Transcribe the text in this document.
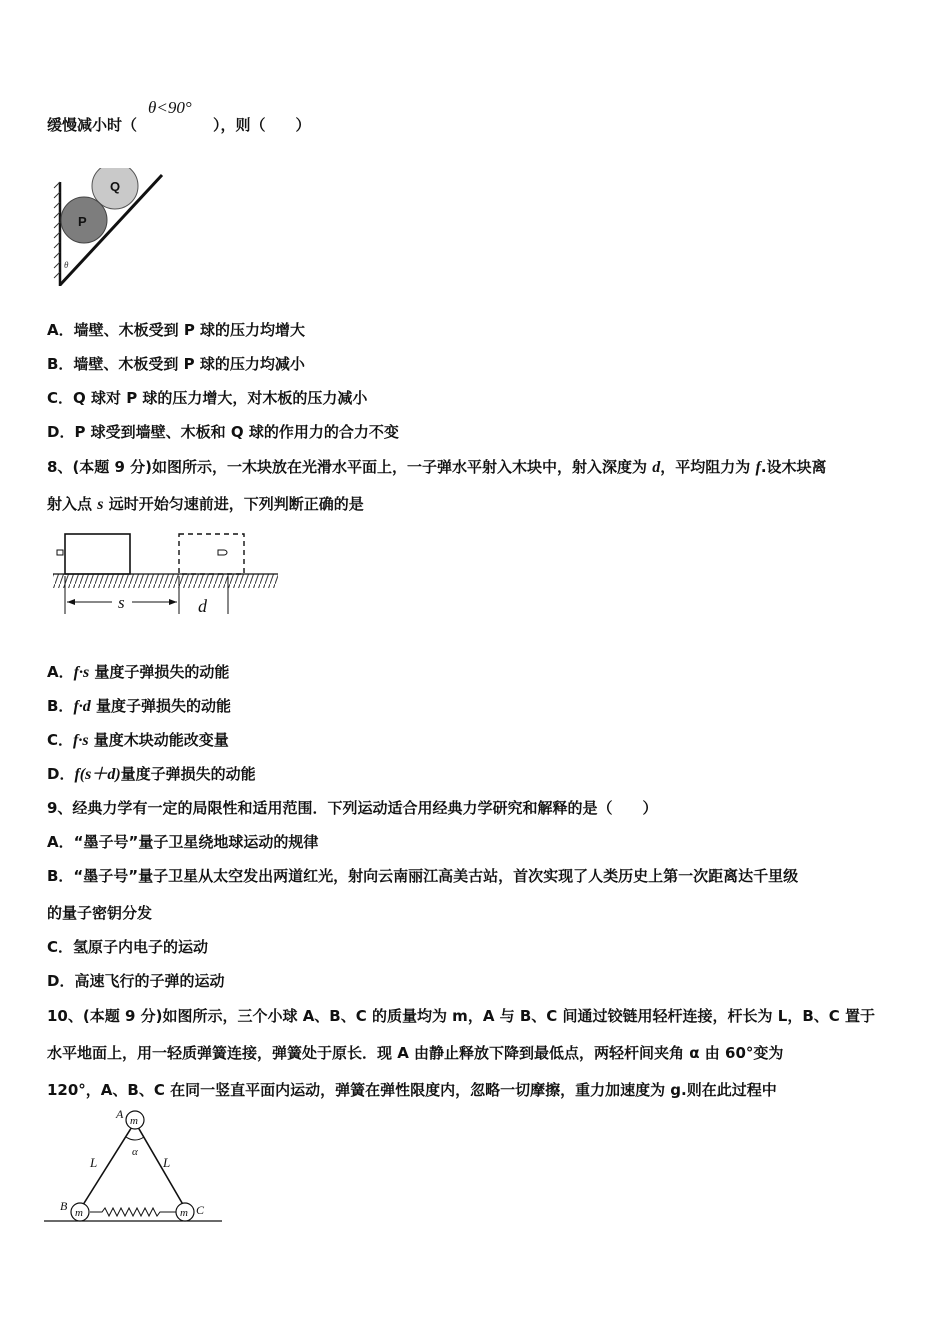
缓慢减小时（	），则（　　）
θ<90°
Q
P
θ
A．墙壁、木板受到 P 球的压力均增大
B．墙壁、木板受到 P 球的压力均减小
C．Q 球对 P 球的压力增大，对木板的压力减小
D．P 球受到墙壁、木板和 Q 球的作用力的合力不变
8、(本题 9 分)如图所示，一木块放在光滑水平面上，一子弹水平射入木块中，射入深度为 d，平均阻力为 f.设木块离
射入点 s 远时开始匀速前进，下列判断正确的是
s	d
A．f·s 量度子弹损失的动能
B．f·d 量度子弹损失的动能
C．f·s 量度木块动能改变量
D．f(s＋d)量度子弹损失的动能
9、经典力学有一定的局限性和适用范围．下列运动适合用经典力学研究和解释的是（　　）
A．“墨子号”量子卫星绕地球运动的规律
B．“墨子号”量子卫星从太空发出两道红光，射向云南丽江高美古站，首次实现了人类历史上第一次距离达千里级
的量子密钥分发
C．氢原子内电子的运动
D．高速飞行的子弹的运动
10、(本题 9 分)如图所示，三个小球 A、B、C 的质量均为 m，A 与 B、C 间通过铰链用轻杆连接，杆长为 L，B、C 置于
水平地面上，用一轻质弹簧连接，弹簧处于原长．现 A 由静止释放下降到最低点，两轻杆间夹角 α 由 60°变为
120°，A、B、C 在同一竖直平面内运动，弹簧在弹性限度内，忽略一切摩擦，重力加速度为 g.则在此过程中
m
m	m
A
B	C
L	L
α
